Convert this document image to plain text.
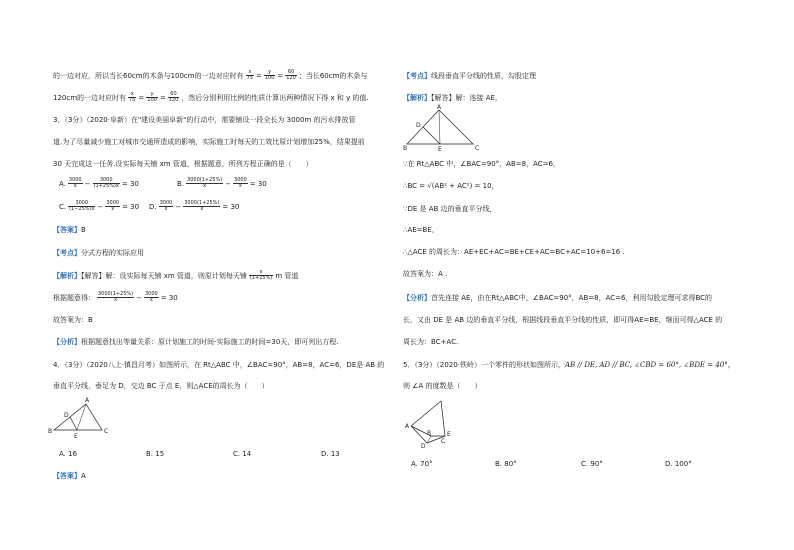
的一边对应，所以当长60cm的木条与100cm的一边对应时有 $\frac{x}{75} = \frac{y}{100} = \frac{60}{120}$ ；当长60cm的木条与
120cm的一边对应时有 $\frac{x}{75} = \frac{y}{100} = \frac{60}{120}$ ，然后分别利用比例的性质计算出两种情况下得 x 和 y 的值.
3．（3分）（2020·阜新）在"建设美丽阜新"的行动中，需要铺设一段全长为 3000m 的污水排放管
道.为了尽量减少施工对城市交通所造成的影响，实际施工时每天的工效比原计划增加25%，结果提前
30 天完成这一任务.设实际每天铺 xm 管道，根据题意，所列方程正确的是（　　）
A. $\frac{3000}{x} - \frac{3000}{(1+25\%)x} = 30$	B. $\frac{3000(1+25\%)}{x} - \frac{3000}{x} = 30$
C. $\frac{3000}{(1-25\%)x} - \frac{3000}{x} = 30$ D. $\frac{3000}{x} - \frac{3000(1+25\%)}{x} = 30$
【答案】B
【考点】分式方程的实际应用
【解析】【解答】解：设实际每天铺 xm 管道，则原计划每天铺 $\frac{x}{(1+25\%)}$ m 管道
根据题意得： $\frac{3000(1+25\%)}{x} - \frac{3000}{x} = 30$
故答案为：B
【分析】根据题意找出等量关系：原计划施工的时间-实际施工的时间=30天，即可列出方程.
4．（3分）（2020八上·镇昌月考）如图所示，在 Rt△ABC 中，∠BAC=90°，AB=8，AC=6，DE是 AB 的
垂直平分线，垂足为 D，交边 BC 于点 E，则△ACE的周长为（　　）
A
D
E
B	C
A. 16	B. 15	C. 14	D. 13
【答案】A
【考点】线段垂直平分线的性质，勾股定理
【解析】【解答】解：连接 AE，
A
D
B	E	C
∵在 Rt△ABC 中，∠BAC=90°，AB=8，AC=6，
∴BC = √(AB² + AC²) = 10，
∵DE 是 AB 边的垂直平分线，
∴AE=BE，
∴△ACE 的周长为：AE+EC+AC=BE+CE+AC=BC+AC=10+6=16 .
故答案为：A .
【分析】首先连接 AE，由在Rt△ABC中，∠BAC=90°，AB=8，AC=6，利用勾股定理可求得BC的
长，又由 DE 是 AB 边的垂直平分线，根据线段垂直平分线的性质，即可得AE=BE，继而可得△ACE 的
周长为：BC+AC.
5．（3分）（2020·铁岭）一个零件的形状如图所示，AB // DE, AD // BC, ∠CBD = 60°, ∠BDE = 40°，
则 ∠A 的度数是（　　）
A
B
C
D
E
A. 70°	B. 80°	C. 90°	D. 100°
